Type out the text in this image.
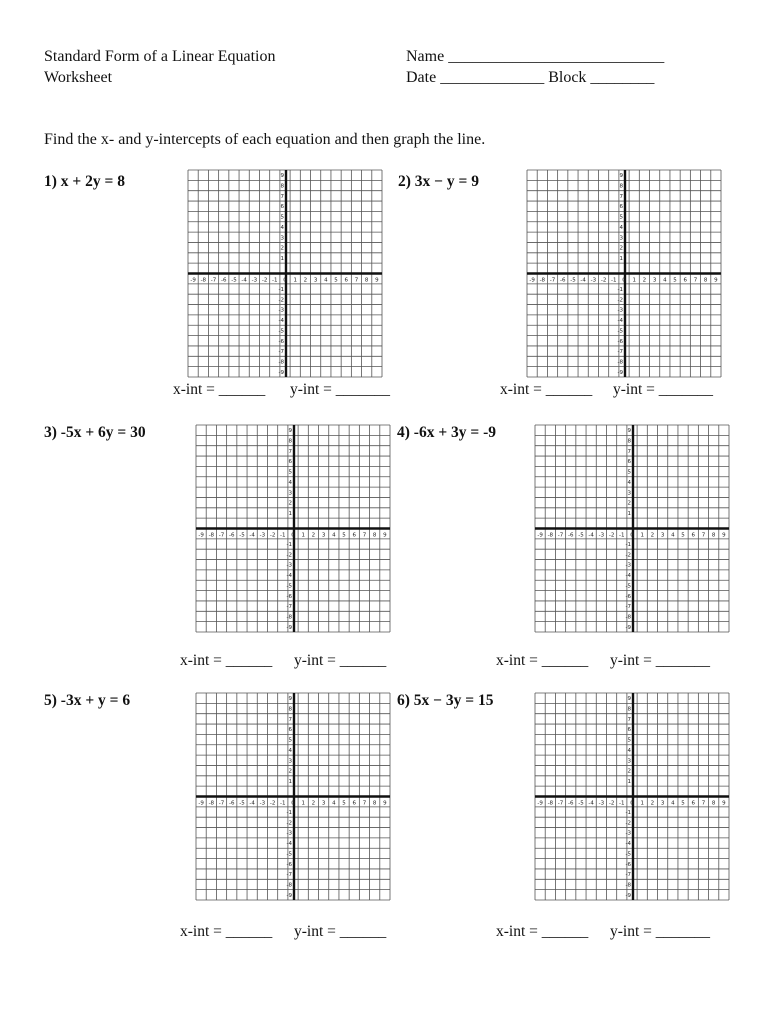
Standard Form of a Linear Equation
Worksheet
Name ___________________________
Date _____________ Block ________
Find the x- and y-intercepts of each equation and then graph the line.
1) x + 2y = 8
-9 -8 -7 -6 -5 -4 -3 -2 -1 0 1 2 3 4 5 6 7 8 9
9
8
7
6
5
4
3
2
1
-1
-2
-3
-4
-5
-6
-7
-8
-9
x-int = ______ y-int = _______
2) 3x − y = 9
-9 -8 -7 -6 -5 -4 -3 -2 -1 0 1 2 3 4 5 6 7 8 9
9
8
7
6
5
4
3
2
1
-1
-2
-3
-4
-5
-6
-7
-8
-9
x-int = ______ y-int = _______
3) -5x + 6y = 30
-9 -8 -7 -6 -5 -4 -3 -2 -1 0 1 2 3 4 5 6 7 8 9
9
8
7
6
5
4
3
2
1
-1
-2
-3
-4
-5
-6
-7
-8
-9
x-int = ______ y-int = ______
4) -6x + 3y = -9
-9 -8 -7 -6 -5 -4 -3 -2 -1 0 1 2 3 4 5 6 7 8 9
9
8
7
6
5
4
3
2
1
-1
-2
-3
-4
-5
-6
-7
-8
-9
x-int = ______ y-int = _______
5) -3x + y = 6
-9 -8 -7 -6 -5 -4 -3 -2 -1 0 1 2 3 4 5 6 7 8 9
9
8
7
6
5
4
3
2
1
-1
-2
-3
-4
-5
-6
-7
-8
-9
x-int = ______ y-int = ______
6) 5x − 3y = 15
-9 -8 -7 -6 -5 -4 -3 -2 -1 0 1 2 3 4 5 6 7 8 9
9
8
7
6
5
4
3
2
1
-1
-2
-3
-4
-5
-6
-7
-8
-9
x-int = ______ y-int = _______
